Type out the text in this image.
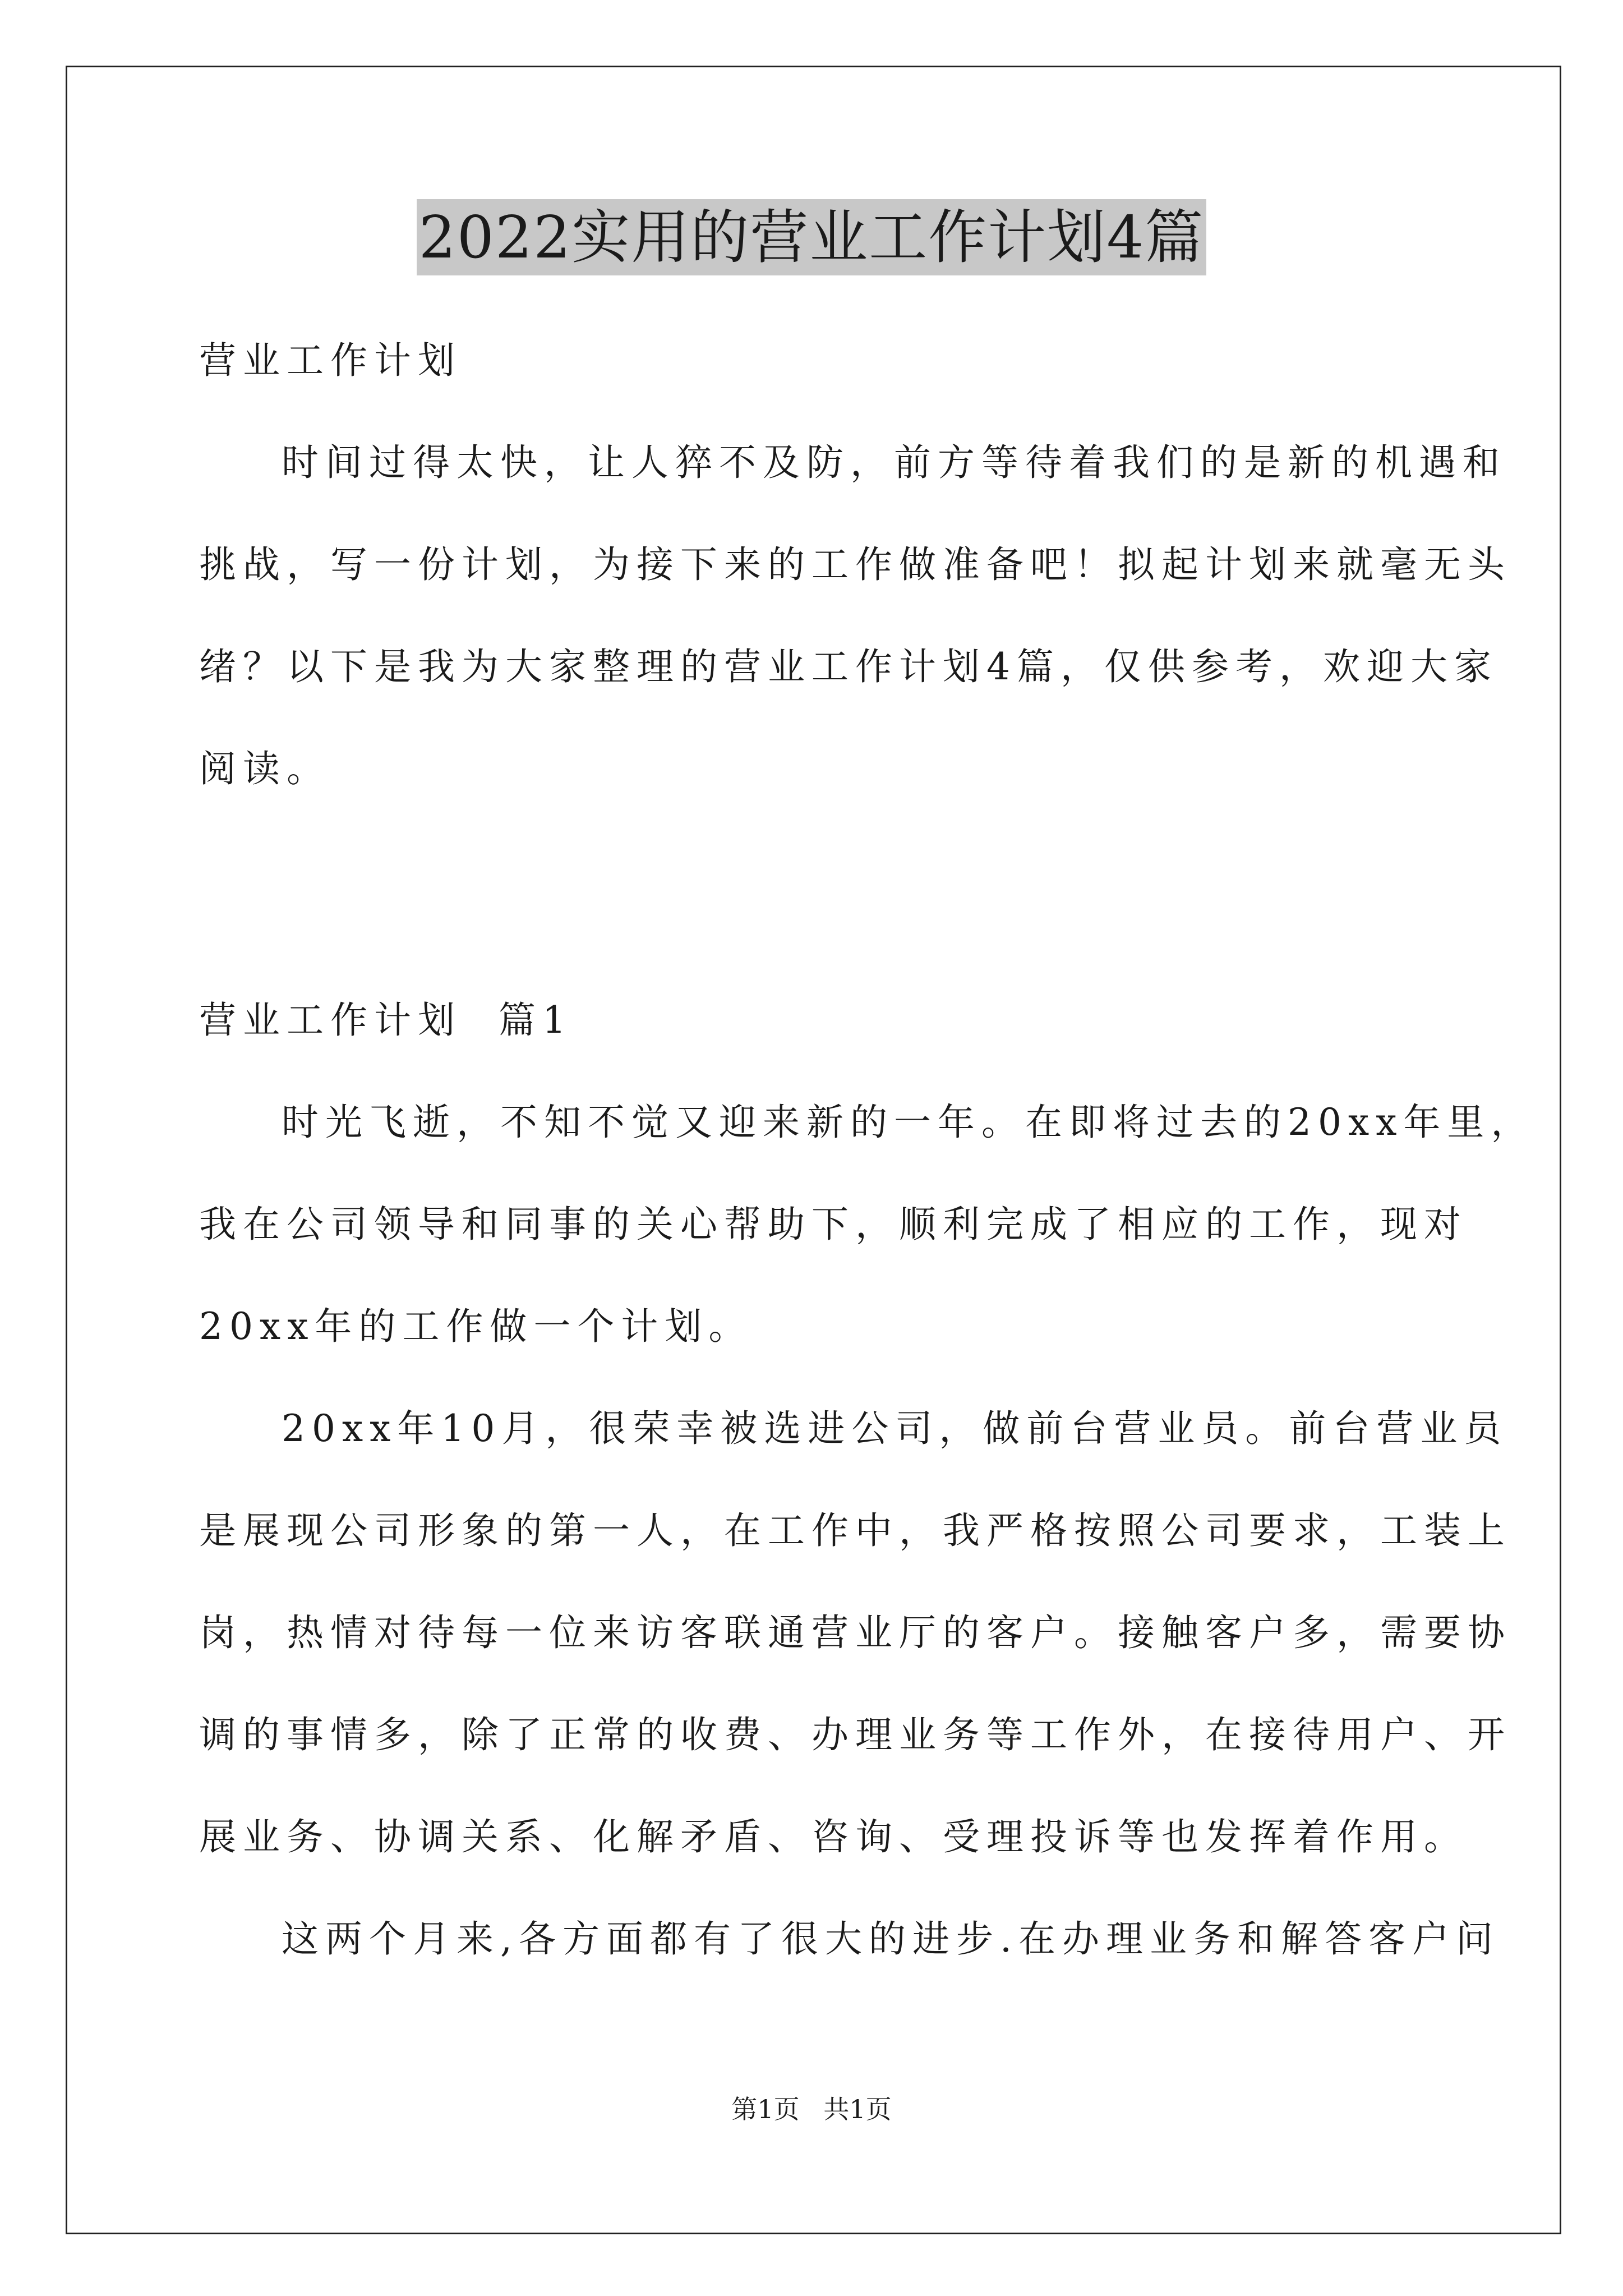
2022实用的营业工作计划4篇

营业工作计划

时间过得太快，让人猝不及防，前方等待着我们的是新的机遇和

挑战，写一份计划，为接下来的工作做准备吧！拟起计划来就毫无头

绪？以下是我为大家整理的营业工作计划4篇，仅供参考，欢迎大家

阅读。

营业工作计划  篇1

时光飞逝，不知不觉又迎来新的一年。在即将过去的20xx年里，

我在公司领导和同事的关心帮助下，顺利完成了相应的工作，现对

20xx年的工作做一个计划。

20xx年10月，很荣幸被选进公司，做前台营业员。前台营业员

是展现公司形象的第一人，在工作中，我严格按照公司要求，工装上

岗，热情对待每一位来访客联通营业厅的客户。接触客户多，需要协

调的事情多，除了正常的收费、办理业务等工作外，在接待用户、开

展业务、协调关系、化解矛盾、咨询、受理投诉等也发挥着作用。

这两个月来,各方面都有了很大的进步.在办理业务和解答客户问

第1页 共1页
